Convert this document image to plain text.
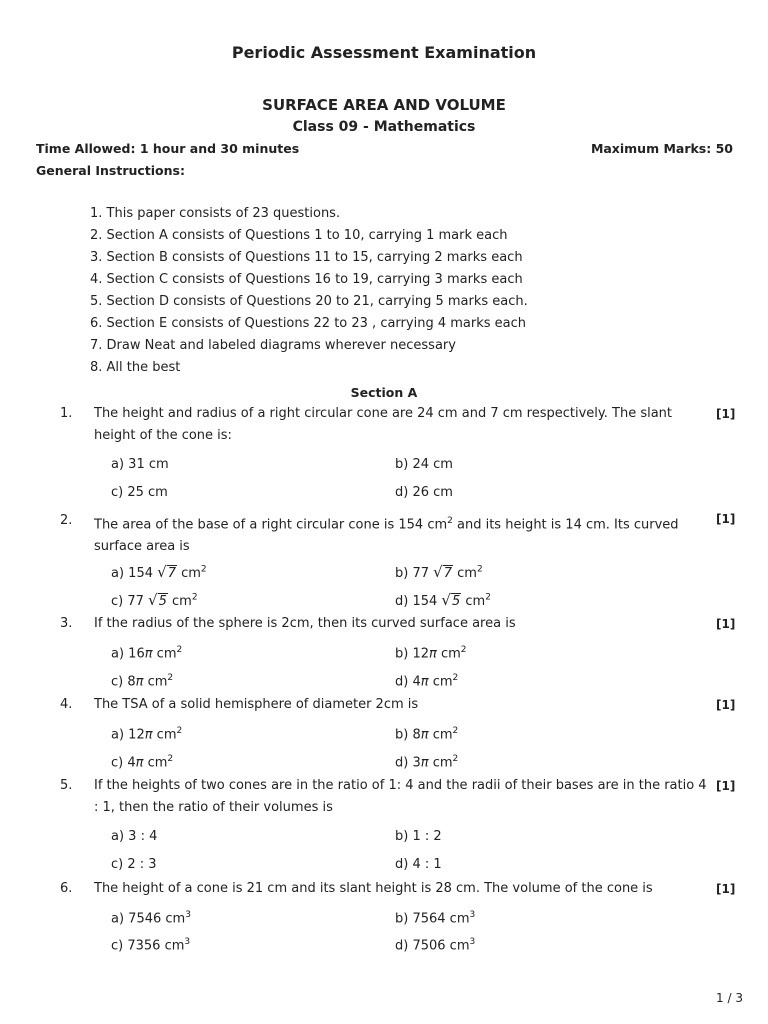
Periodic Assessment Examination
SURFACE AREA AND VOLUME
Class 09 - Mathematics
Time Allowed: 1 hour and 30 minutes	Maximum Marks: 50
General Instructions:
1. This paper consists of 23 questions.
2. Section A consists of Questions 1 to 10, carrying 1 mark each
3. Section B consists of Questions 11 to 15, carrying 2 marks each
4. Section C consists of Questions 16 to 19, carrying 3 marks each
5. Section D consists of Questions 20 to 21, carrying 5 marks each.
6. Section E consists of Questions 22 to 23 , carrying 4 marks each
7. Draw Neat and labeled diagrams wherever necessary
8. All the best
Section A
1. The height and radius of a right circular cone are 24 cm and 7 cm respectively. The slant height of the cone is:
[1]
a) 31 cm	b) 24 cm
c) 25 cm	d) 26 cm
2. The area of the base of a right circular cone is 154 $cm^2$ and its height is 14 cm. Its curved surface area is
[1]
a) 154 √7 $cm^2$	b) 77 √7 $cm^2$
c) 77 √5 $cm^2$	d) 154 √5 $cm^2$
3. If the radius of the sphere is 2cm, then its curved surface area is	[1]
a) 16π $cm^2$	b) 12π $cm^2$
c) 8π $cm^2$	d) 4π $cm^2$
4. The TSA of a solid hemisphere of diameter 2cm is	[1]
a) 12π $cm^2$	b) 8π $cm^2$
c) 4π $cm^2$	d) 3π $cm^2$
5. If the heights of two cones are in the ratio of 1: 4 and the radii of their bases are in the ratio 4 : 1, then the ratio of their volumes is
[1]
a) 3 : 4	b) 1 : 2
c) 2 : 3	d) 4 : 1
6. The height of a cone is 21 cm and its slant height is 28 cm. The volume of the cone is	[1]
a) 7546 $cm^3$	b) 7564 $cm^3$
c) 7356 $cm^3$	d) 7506 $cm^3$
1 / 3
